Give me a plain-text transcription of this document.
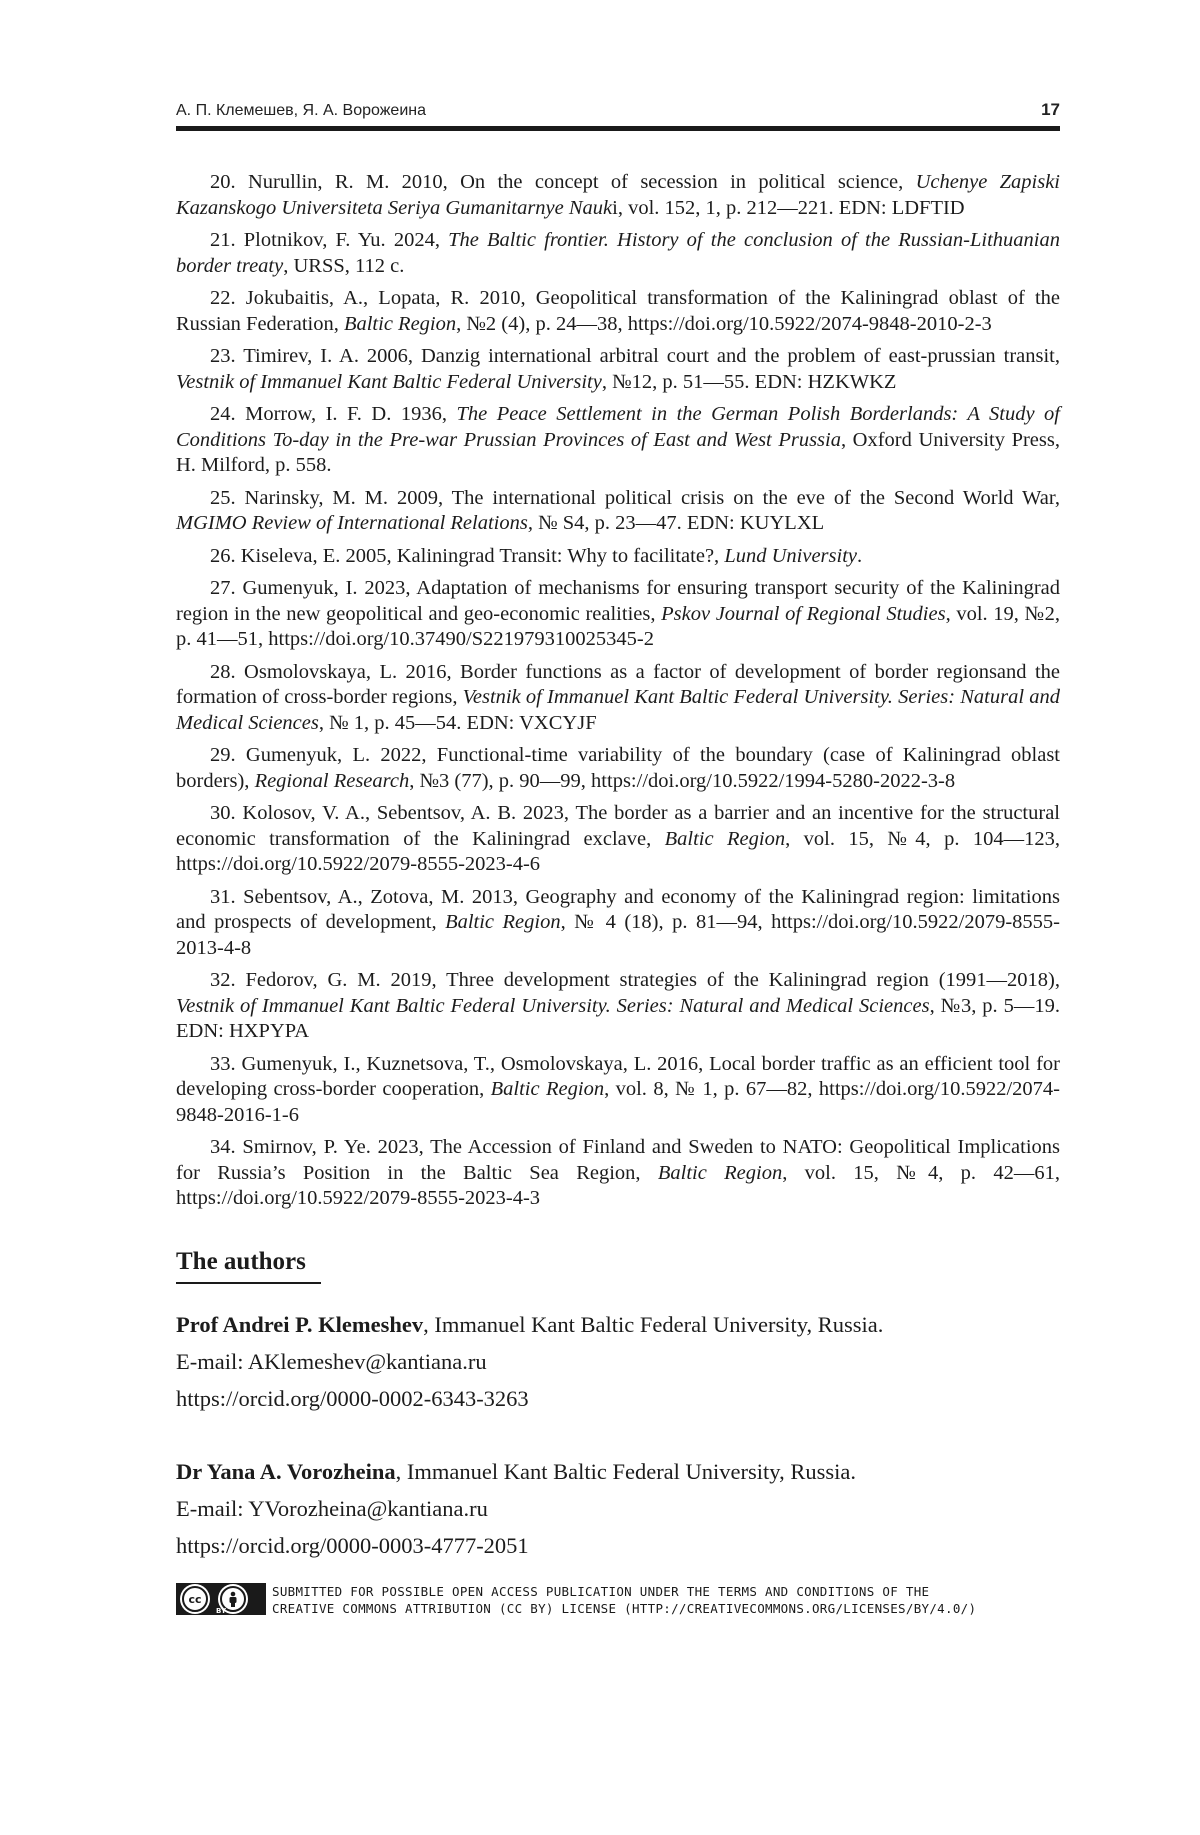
А. П. Клемешев, Я. А. Ворожеина	17

20. Nurullin, R. M. 2010, On the concept of secession in political science, Uchenye Zapiski Kazanskogo Universiteta Seriya Gumanitarnye Nauki, vol. 152, 1, p. 212—221. EDN: LDFTID

21. Plotnikov, F. Yu. 2024, The Baltic frontier. History of the conclusion of the Russian-Lithuanian border treaty, URSS, 112 с.

22. Jokubaitis, A., Lopata, R. 2010, Geopolitical transformation of the Kaliningrad oblast of the Russian Federation, Baltic Region, №2 (4), p. 24—38, https://doi.org/10.5922/2074-9848-2010-2-3

23. Timirev, I. A. 2006, Danzig international arbitral court and the problem of east-prussian transit, Vestnik of Immanuel Kant Baltic Federal University, №12, p. 51—55. EDN: HZKWKZ

24. Morrow, I. F. D. 1936, The Peace Settlement in the German Polish Borderlands: A Study of Conditions To-day in the Pre-war Prussian Provinces of East and West Prussia, Oxford University Press, H. Milford, p. 558.

25. Narinsky, M. M. 2009, The international political crisis on the eve of the Second World War, MGIMO Review of International Relations, № S4, p. 23—47. EDN: KUYLXL

26. Kiseleva, E. 2005, Kaliningrad Transit: Why to facilitate?, Lund University.

27. Gumenyuk, I. 2023, Adaptation of mechanisms for ensuring transport security of the Kaliningrad region in the new geopolitical and geo-economic realities, Pskov Journal of Regional Studies, vol. 19, №2, p. 41—51, https://doi.org/10.37490/S221979310025345-2

28. Osmolovskaya, L. 2016, Border functions as a factor of development of border regionsand the formation of cross-border regions, Vestnik of Immanuel Kant Baltic Federal University. Series: Natural and Medical Sciences, № 1, p. 45—54. EDN: VXCYJF

29. Gumenyuk, L. 2022, Functional-time variability of the boundary (case of Kaliningrad oblast borders), Regional Research, №3 (77), p. 90—99, https://doi.org/10.5922/1994-5280-2022-3-8

30. Kolosov, V. A., Sebentsov, A. B. 2023, The border as a barrier and an incentive for the structural economic transformation of the Kaliningrad exclave, Baltic Region, vol. 15, №4, p. 104—123, https://doi.org/10.5922/2079-8555-2023-4-6

31. Sebentsov, A., Zotova, M. 2013, Geography and economy of the Kaliningrad region: limitations and prospects of development, Baltic Region, № 4 (18), p. 81—94, https://doi.org/10.5922/2079-8555-2013-4-8

32. Fedorov, G. M. 2019, Three development strategies of the Kaliningrad region (1991—2018), Vestnik of Immanuel Kant Baltic Federal University. Series: Natural and Medical Sciences, №3, p. 5—19. EDN: HXPYPA

33. Gumenyuk, I., Kuznetsova, T., Osmolovskaya, L. 2016, Local border traffic as an efficient tool for developing cross-border cooperation, Baltic Region, vol. 8, № 1, p. 67—82, https://doi.org/10.5922/2074-9848-2016-1-6

34. Smirnov, P. Ye. 2023, The Accession of Finland and Sweden to NATO: Geopolitical Implications for Russia’s Position in the Baltic Sea Region, Baltic Region, vol. 15, №4, p. 42—61, https://doi.org/10.5922/2079-8555-2023-4-3

The authors

Prof Andrei P. Klemeshev, Immanuel Kant Baltic Federal University, Russia.

E-mail: AKlemeshev@kantiana.ru

https://orcid.org/0000-0002-6343-3263

Dr Yana A. Vorozheina, Immanuel Kant Baltic Federal University, Russia.

E-mail: YVorozheina@kantiana.ru

https://orcid.org/0000-0003-4777-2051

cc
BY
SUBMITTED FOR POSSIBLE OPEN ACCESS PUBLICATION UNDER THE TERMS AND CONDITIONS OF THE
CREATIVE COMMONS ATTRIBUTION (CC BY) LICENSE (HTTP://CREATIVECOMMONS.ORG/LICENSES/BY/4.0/)
